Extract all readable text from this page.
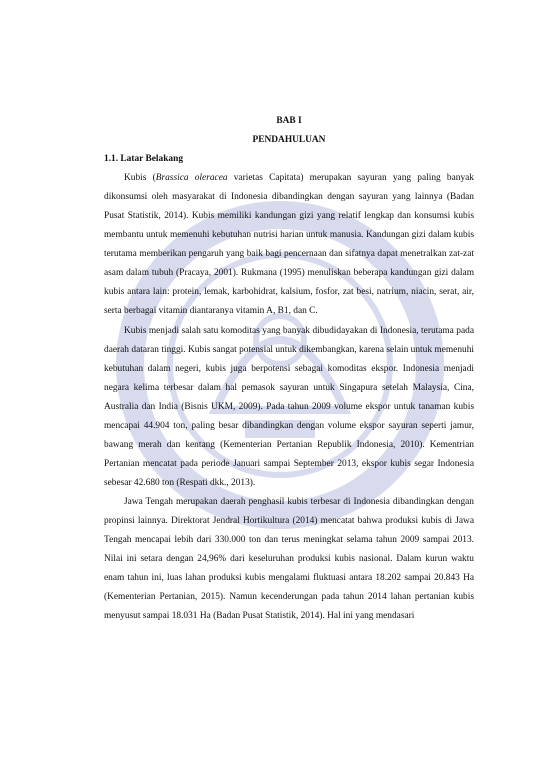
BAB I
PENDAHULUAN
1.1. Latar Belakang

Kubis (Brassica oleracea varietas Capitata) merupakan sayuran yang paling banyak dikonsumsi oleh masyarakat di Indonesia dibandingkan dengan sayuran yang lainnya (Badan Pusat Statistik, 2014). Kubis memiliki kandungan gizi yang relatif lengkap dan konsumsi kubis membantu untuk memenuhi kebutuhan nutrisi harian untuk manusia. Kandungan gizi dalam kubis terutama memberikan pengaruh yang baik bagi pencernaan dan sifatnya dapat menetralkan zat-zat asam dalam tubuh (Pracaya, 2001). Rukmana (1995) menuliskan beberapa kandungan gizi dalam kubis antara lain: protein, lemak, karbohidrat, kalsium, fosfor, zat besi, natrium, niacin, serat, air, serta berbagai vitamin diantaranya vitamin A, B1, dan C.

Kubis menjadi salah satu komoditas yang banyak dibudidayakan di Indonesia, terutama pada daerah dataran tinggi. Kubis sangat potensial untuk dikembangkan, karena selain untuk memenuhi kebutuhan dalam negeri, kubis juga berpotensi sebagai komoditas ekspor. Indonesia menjadi negara kelima terbesar dalam hal pemasok sayuran untuk Singapura setelah Malaysia, Cina, Australia dan India (Bisnis UKM, 2009). Pada tahun 2009 volume ekspor untuk tanaman kubis mencapai 44.904 ton, paling besar dibandingkan dengan volume ekspor sayuran seperti jamur, bawang merah dan kentang (Kementerian Pertanian Republik Indonesia, 2010). Kementrian Pertanian mencatat pada periode Januari sampai September 2013, ekspor kubis segar Indonesia sebesar 42.680 ton (Respati dkk., 2013).

Jawa Tengah merupakan daerah penghasil kubis terbesar di Indonesia dibandingkan dengan propinsi lainnya. Direktorat Jendral Hortikultura (2014) mencatat bahwa produksi kubis di Jawa Tengah mencapai lebih dari 330.000 ton dan terus meningkat selama tahun 2009 sampai 2013. Nilai ini setara dengan 24,96% dari keseluruhan produksi kubis nasional. Dalam kurun waktu enam tahun ini, luas lahan produksi kubis mengalami fluktuasi antara 18.202 sampai 20.843 Ha (Kementerian Pertanian, 2015). Namun kecenderungan pada tahun 2014 lahan pertanian kubis menyusut sampai 18.031 Ha (Badan Pusat Statistik, 2014). Hal ini yang mendasari
